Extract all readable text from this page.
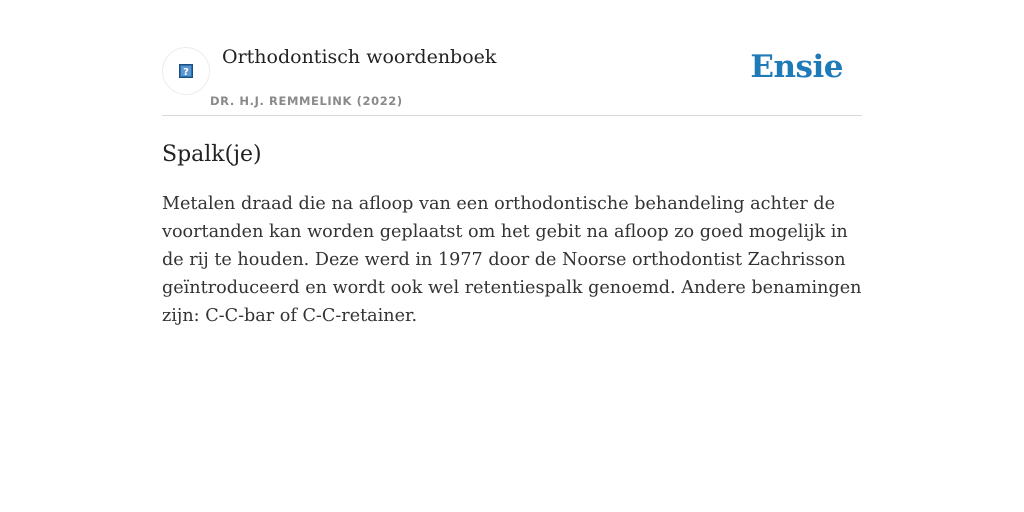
?
Orthodontisch woordenboek
DR. H.J. REMMELINK (2022)
Ensie
Spalk(je)

Metalen draad die na afloop van een orthodontische behandeling achter de voortanden kan worden geplaatst om het gebit na afloop zo goed mogelijk in de rij te houden. Deze werd in 1977 door de Noorse orthodontist Zachrisson geïntroduceerd en wordt ook wel retentiespalk genoemd. Andere benamingen zijn: C-C-bar of C-C-retainer.
